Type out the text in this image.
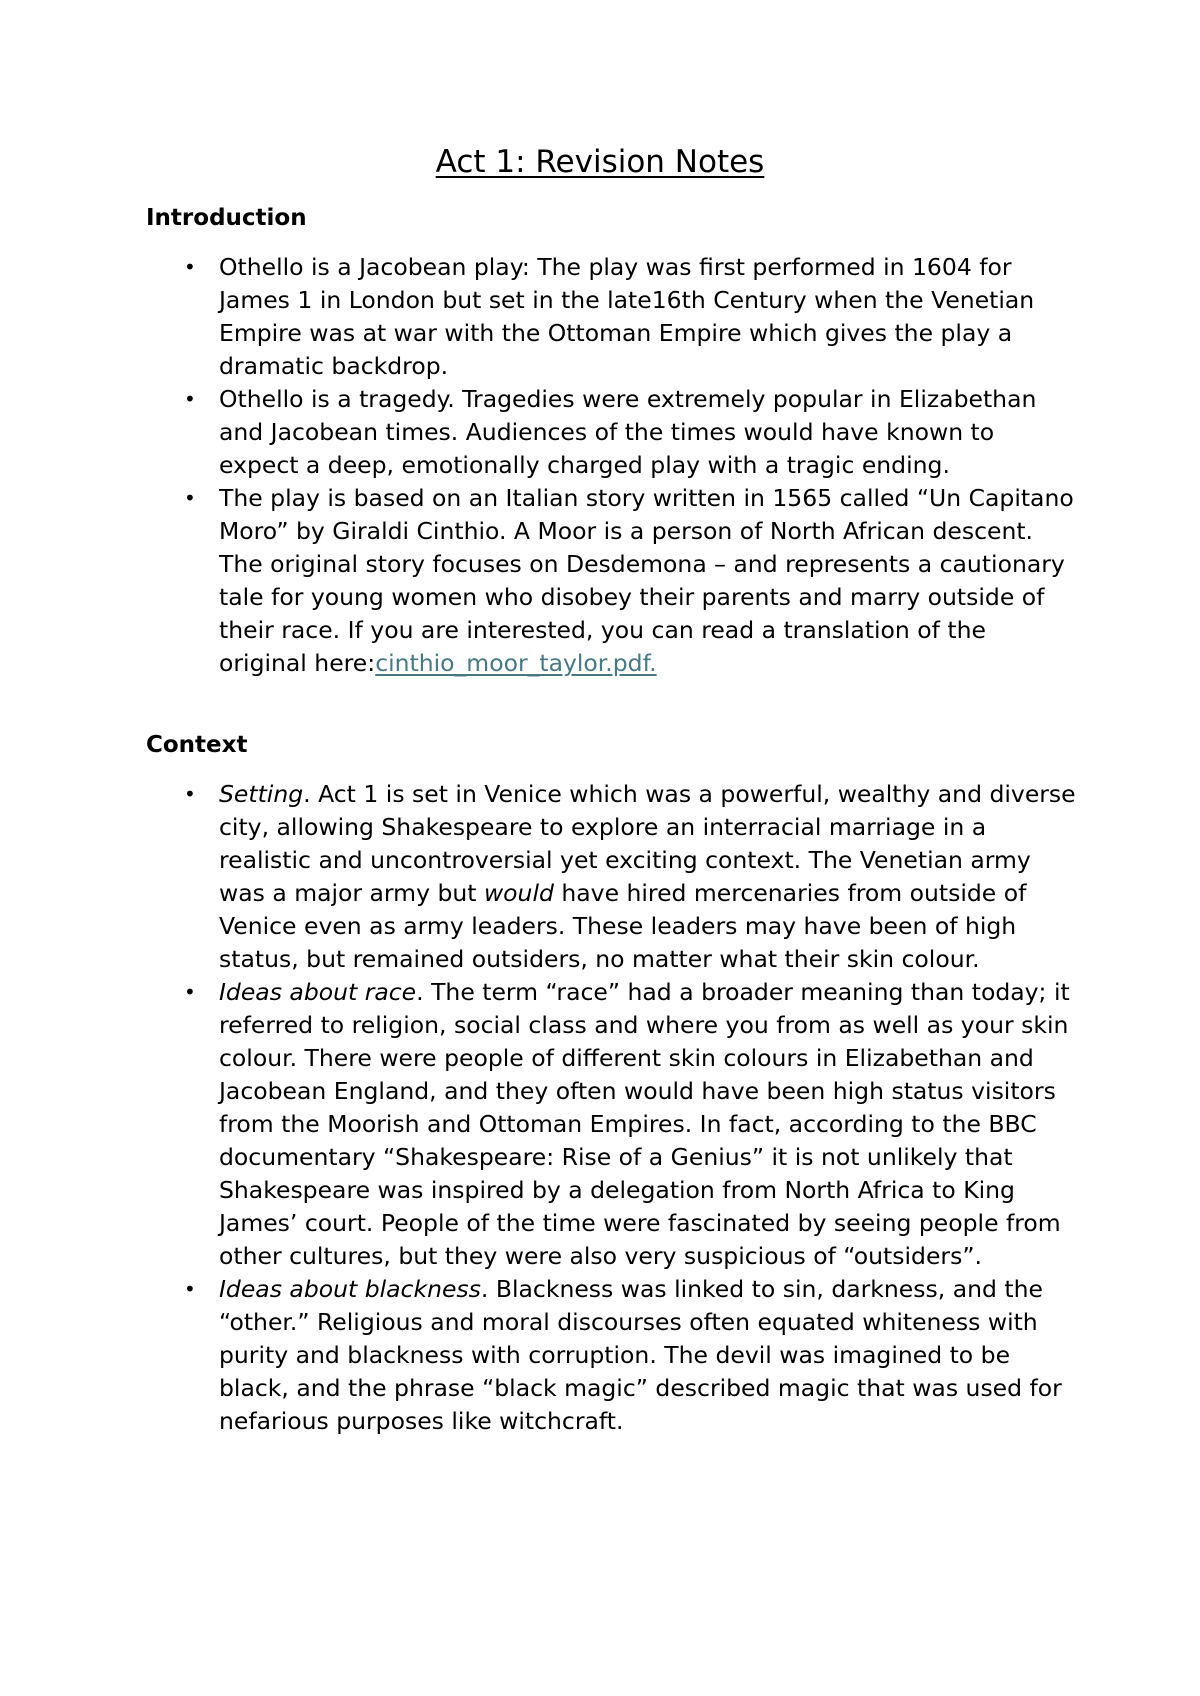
Act 1: Revision Notes
Introduction
• Othello is a Jacobean play: The play was first performed in 1604 for James 1 in London but set in the late16th Century when the Venetian Empire was at war with the Ottoman Empire which gives the play a dramatic backdrop.
• Othello is a tragedy. Tragedies were extremely popular in Elizabethan and Jacobean times. Audiences of the times would have known to expect a deep, emotionally charged play with a tragic ending.
• The play is based on an Italian story written in 1565 called “Un Capitano Moro” by Giraldi Cinthio. A Moor is a person of North African descent. The original story focuses on Desdemona – and represents a cautionary tale for young women who disobey their parents and marry outside of their race. If you are interested, you can read a translation of the original here:cinthio_moor_taylor.pdf.
Context
• Setting. Act 1 is set in Venice which was a powerful, wealthy and diverse city, allowing Shakespeare to explore an interracial marriage in a realistic and uncontroversial yet exciting context. The Venetian army was a major army but would have hired mercenaries from outside of Venice even as army leaders. These leaders may have been of high status, but remained outsiders, no matter what their skin colour.
• Ideas about race. The term “race” had a broader meaning than today; it referred to religion, social class and where you from as well as your skin colour. There were people of different skin colours in Elizabethan and Jacobean England, and they often would have been high status visitors from the Moorish and Ottoman Empires. In fact, according to the BBC documentary “Shakespeare: Rise of a Genius” it is not unlikely that Shakespeare was inspired by a delegation from North Africa to King James’ court. People of the time were fascinated by seeing people from other cultures, but they were also very suspicious of “outsiders”.
• Ideas about blackness. Blackness was linked to sin, darkness, and the “other.” Religious and moral discourses often equated whiteness with purity and blackness with corruption. The devil was imagined to be black, and the phrase “black magic” described magic that was used for nefarious purposes like witchcraft.
